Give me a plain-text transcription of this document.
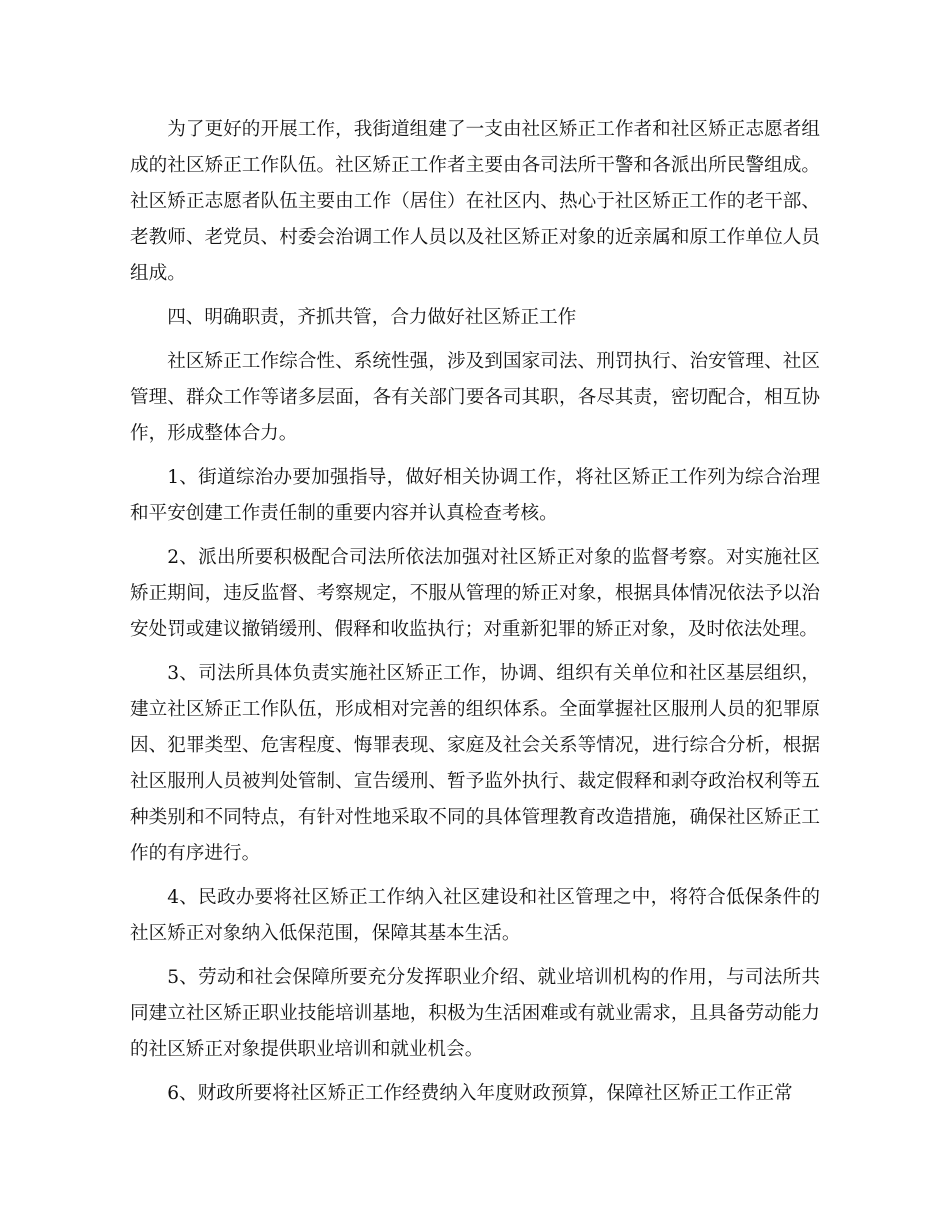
为了更好的开展工作，我街道组建了一支由社区矫正工作者和社区矫正志愿者组成的社区矫正工作队伍。社区矫正工作者主要由各司法所干警和各派出所民警组成。社区矫正志愿者队伍主要由工作（居住）在社区内、热心于社区矫正工作的老干部、老教师、老党员、村委会治调工作人员以及社区矫正对象的近亲属和原工作单位人员组成。

四、明确职责，齐抓共管，合力做好社区矫正工作

社区矫正工作综合性、系统性强，涉及到国家司法、刑罚执行、治安管理、社区管理、群众工作等诸多层面，各有关部门要各司其职，各尽其责，密切配合，相互协作，形成整体合力。

1、街道综治办要加强指导，做好相关协调工作，将社区矫正工作列为综合治理和平安创建工作责任制的重要内容并认真检查考核。

2、派出所要积极配合司法所依法加强对社区矫正对象的监督考察。对实施社区矫正期间，违反监督、考察规定，不服从管理的矫正对象，根据具体情况依法予以治安处罚或建议撤销缓刑、假释和收监执行；对重新犯罪的矫正对象，及时依法处理。

3、司法所具体负责实施社区矫正工作，协调、组织有关单位和社区基层组织，建立社区矫正工作队伍，形成相对完善的组织体系。全面掌握社区服刑人员的犯罪原因、犯罪类型、危害程度、悔罪表现、家庭及社会关系等情况，进行综合分析，根据社区服刑人员被判处管制、宣告缓刑、暂予监外执行、裁定假释和剥夺政治权利等五种类别和不同特点，有针对性地采取不同的具体管理教育改造措施，确保社区矫正工作的有序进行。

4、民政办要将社区矫正工作纳入社区建设和社区管理之中，将符合低保条件的社区矫正对象纳入低保范围，保障其基本生活。

5、劳动和社会保障所要充分发挥职业介绍、就业培训机构的作用，与司法所共同建立社区矫正职业技能培训基地，积极为生活困难或有就业需求，且具备劳动能力的社区矫正对象提供职业培训和就业机会。

6、财政所要将社区矫正工作经费纳入年度财政预算，保障社区矫正工作正常
